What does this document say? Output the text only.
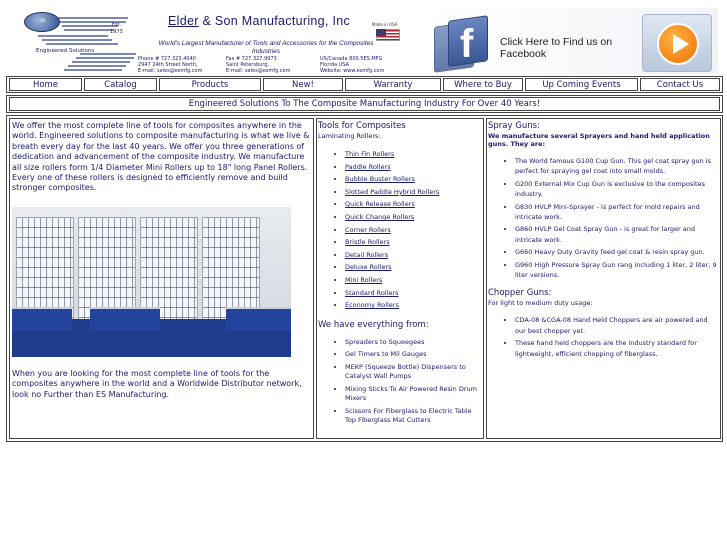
ES
Est.
1973
Engineered Solutions
Elder & Son Manufacturing, Inc	Made in USA
World's Largest Manufacturer of Tools and Accessories for the Composites Industries
Phone # 727.323.4040
2947 24th Street North,
E-mail: sales@esmfg.com
Fax # 727.327.9973
Saint Petersburg,
E-mail: sales@esmfg.com
US/Canada 800.5ES.MFG
Florida USA
Website: www.esmfg.com
f	Click Here to Find us on
Facebook
Home	Catalog	Products	New!	Warranty	Where to Buy	Up Coming Events	Contact Us
Engineered Solutions To The Composite Manufacturing Industry For Over 40 Years!
We offer the most complete line of tools for composites anywhere in the world. Engineered solutions to composite manufacturing is what we live & breath every day for the last 40 years. We offer you three generations of dedication and advancement of the composite industry. We manufacture all size rollers form 1/4 Diameter Mini Rollers up to 18" long Panel Rollers. Every one of these rollers is designed to efficiently remove and build stronger composites.
When you are looking for the most complete line of tools for the composites anywhere in the world and a Worldwide Distributor network, look no Further than ES Manufacturing.
Tools for Composites
Laminating Rollers:
• Thin Fin Rollers
• Paddle Rollers
• Bubble Buster Rollers
• Slotted Paddle Hybrid Rollers
• Quick Release Rollers
• Quick Change Rollers
• Corner Rollers
• Bristle Rollers
• Detail Rollers
• Deluxe Rollers
• Mini Rollers
• Standard Rollers
• Economy Rollers
We have everything from:
• Spreaders to Squeegees
• Gel Timers to Mil Gauges
• MEKP (Squeeze Bottle) Dispensers to Catalyst Wall Pumps
• Mixing Sticks To Air Powered Resin Drum Mixers
• Scissors For Fiberglass to Electric Table Top Fiberglass Mat Cutters
Spray Guns:
We manufacture several Sprayers and hand held application guns. They are:
• The World famous G100 Cup Gun. This gel coat spray gun is perfect for spraying gel coat into small molds.
• G200 External Mix Cup Gun is exclusive to the composites industry.
• G830 HVLP Mini-Sprayer - is perfect for mold repairs and intricate work.
• G860 HVLP Gel Coat Spray Gun - is great for larger and intricate work.
• G660 Heavy Duty Gravity feed gel coat & resin spray gun.
• G960 High Pressure Spray Gun rang including 1 liter, 2 liter, 9 liter versions.
Chopper Guns:
For light to medium duty usage:
• CDA-08 &CGA-08 Hand Held Choppers are air powered and our best chopper yet.
• These hand held choppers are the industry standard for lightweight, efficient chopping of fiberglass.
